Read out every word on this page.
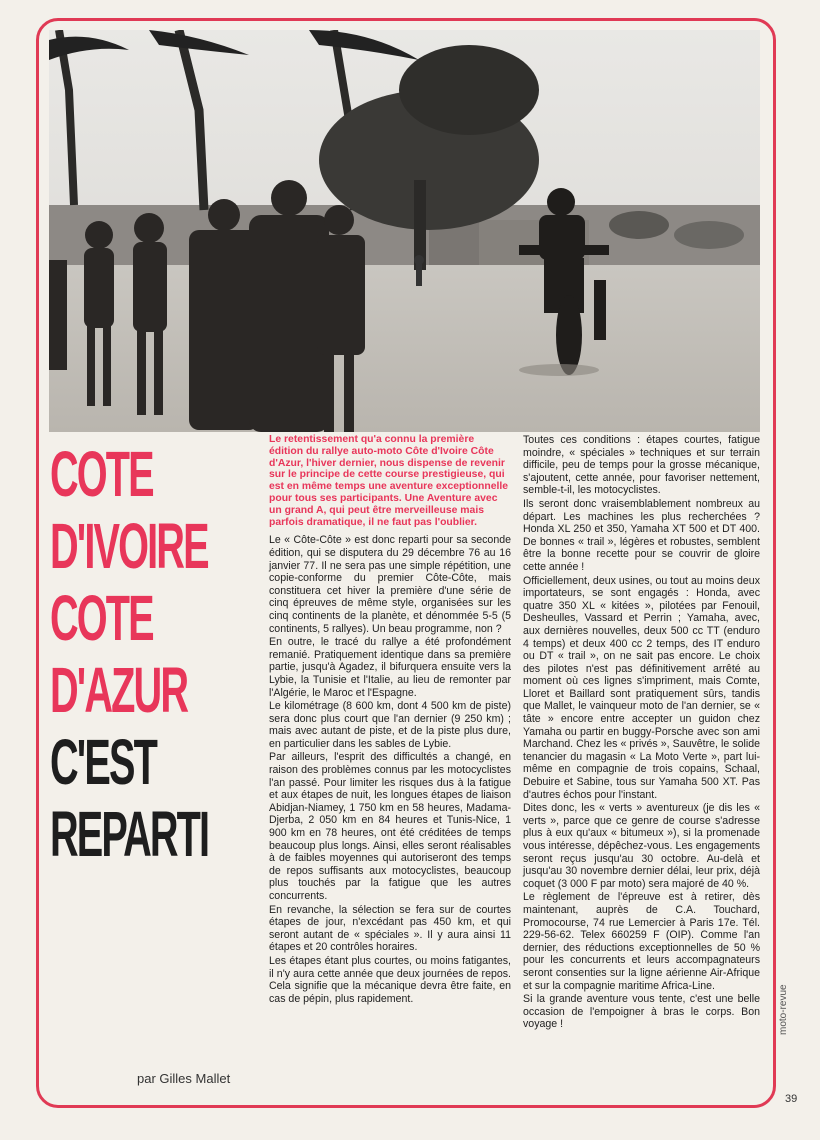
COTE
D'IVOIRE
COTE
D'AZUR
C'EST
REPARTI
par Gilles Mallet

Le retentissement qu'a connu la première édition du rallye auto-moto Côte d'Ivoire Côte d'Azur, l'hiver dernier, nous dispense de revenir sur le principe de cette course prestigieuse, qui est en même temps une aventure exceptionnelle pour tous ses participants. Une Aventure avec un grand A, qui peut être merveilleuse mais parfois dramatique, il ne faut pas l'oublier.

Le « Côte-Côte » est donc reparti pour sa seconde édition, qui se disputera du 29 décembre 76 au 16 janvier 77. Il ne sera pas une simple répétition, une copie-conforme du premier Côte-Côte, mais constituera cet hiver la première d'une série de cinq épreuves de même style, organisées sur les cinq continents de la planète, et dénommée 5-5 (5 continents, 5 rallyes). Un beau programme, non ?

En outre, le tracé du rallye a été profondément remanié. Pratiquement identique dans sa première partie, jusqu'à Agadez, il bifurquera ensuite vers la Lybie, la Tunisie et l'Italie, au lieu de remonter par l'Algérie, le Maroc et l'Espagne.

Le kilométrage (8 600 km, dont 4 500 km de piste) sera donc plus court que l'an dernier (9 250 km) ; mais avec autant de piste, et de la piste plus dure, en particulier dans les sables de Lybie.

Par ailleurs, l'esprit des difficultés a changé, en raison des problèmes connus par les motocyclistes l'an passé. Pour limiter les risques dus à la fatigue et aux étapes de nuit, les longues étapes de liaison Abidjan-Niamey, 1 750 km en 58 heures, Madama-Djerba, 2 050 km en 84 heures et Tunis-Nice, 1 900 km en 78 heures, ont été créditées de temps beaucoup plus longs. Ainsi, elles seront réalisables à de faibles moyennes qui autoriseront des temps de repos suffisants aux motocyclistes, beaucoup plus touchés par la fatigue que les autres concurrents.

En revanche, la sélection se fera sur de courtes étapes de jour, n'excédant pas 450 km, et qui seront autant de « spéciales ». Il y aura ainsi 11 étapes et 20 contrôles horaires.

Les étapes étant plus courtes, ou moins fatigantes, il n'y aura cette année que deux journées de repos. Cela signifie que la mécanique devra être faite, en cas de pépin, plus rapidement.

Toutes ces conditions : étapes courtes, fatigue moindre, « spéciales » techniques et sur terrain difficile, peu de temps pour la grosse mécanique, s'ajoutent, cette année, pour favoriser nettement, semble-t-il, les motocyclistes.

Ils seront donc vraisemblablement nombreux au départ. Les machines les plus recherchées ? Honda XL 250 et 350, Yamaha XT 500 et DT 400. De bonnes « trail », légères et robustes, semblent être la bonne recette pour se couvrir de gloire cette année !

Officiellement, deux usines, ou tout au moins deux importateurs, se sont engagés : Honda, avec quatre 350 XL « kitées », pilotées par Fenouil, Desheulles, Vassard et Perrin ; Yamaha, avec, aux dernières nouvelles, deux 500 cc TT (enduro 4 temps) et deux 400 cc 2 temps, des IT enduro ou DT « trail », on ne sait pas encore. Le choix des pilotes n'est pas définitivement arrêté au moment où ces lignes s'impriment, mais Comte, Lloret et Baillard sont pratiquement sûrs, tandis que Mallet, le vainqueur moto de l'an dernier, se « tâte » encore entre accepter un guidon chez Yamaha ou partir en buggy-Porsche avec son ami Marchand. Chez les « privés », Sauvêtre, le solide tenancier du magasin « La Moto Verte », part lui-même en compagnie de trois copains, Schaal, Debuire et Sabine, tous sur Yamaha 500 XT. Pas d'autres échos pour l'instant.

Dites donc, les « verts » aventureux (je dis les « verts », parce que ce genre de course s'adresse plus à eux qu'aux « bitumeux »), si la promenade vous intéresse, dépêchez-vous. Les engagements seront reçus jusqu'au 30 octobre. Au-delà et jusqu'au 30 novembre dernier délai, leur prix, déjà coquet (3 000 F par moto) sera majoré de 40 %.

Le règlement de l'épreuve est à retirer, dès maintenant, auprès de C.A. Touchard, Promocourse, 74 rue Lemercier à Paris 17e. Tél. 229-56-62. Telex 660259 F (OIP). Comme l'an dernier, des réductions exceptionnelles de 50 % pour les concurrents et leurs accompagnateurs seront consenties sur la ligne aérienne Air-Afrique et sur la compagnie maritime Africa-Line.

Si la grande aventure vous tente, c'est une belle occasion de l'empoigner à bras le corps. Bon voyage !	moto-revue
39
